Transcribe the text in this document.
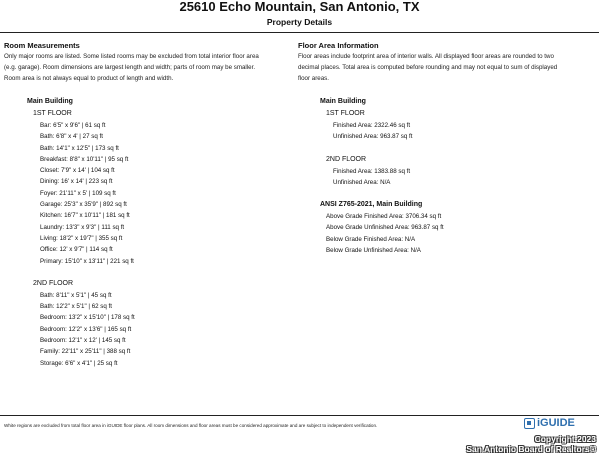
25610 Echo Mountain, San Antonio, TX
Property Details
Room Measurements
Only major rooms are listed. Some listed rooms may be excluded from total interior floor area
(e.g. garage). Room dimensions are largest length and width; parts of room may be smaller.
Room area is not always equal to product of length and width.
Floor Area Information
Floor areas include footprint area of interior walls. All displayed floor areas are rounded to two
decimal places. Total area is computed before rounding and may not equal to sum of displayed
floor areas.
Main Building
1ST FLOOR
Bar: 6'5" x 9'6" | 61 sq ft
Bath: 6'8" x 4' | 27 sq ft
Bath: 14'1" x 12'5" | 173 sq ft
Breakfast: 8'8" x 10'11" | 95 sq ft
Closet: 7'9" x 14' | 104 sq ft
Dining: 16' x 14' | 223 sq ft
Foyer: 21'11" x 5' | 109 sq ft
Garage: 25'3" x 35'9" | 892 sq ft
Kitchen: 16'7" x 10'11" | 181 sq ft
Laundry: 13'3" x 9'3" | 111 sq ft
Living: 18'2" x 19'7" | 355 sq ft
Office: 12' x 9'7" | 114 sq ft
Primary: 15'10" x 13'11" | 221 sq ft
2ND FLOOR
Bath: 8'11" x 5'1" | 45 sq ft
Bath: 12'2" x 5'1" | 62 sq ft
Bedroom: 13'2" x 15'10" | 178 sq ft
Bedroom: 12'2" x 13'6" | 165 sq ft
Bedroom: 12'1" x 12' | 145 sq ft
Family: 22'11" x 25'11" | 388 sq ft
Storage: 6'6" x 4'1" | 25 sq ft
Main Building
1ST FLOOR
Finished Area: 2322.46 sq ft
Unfinished Area: 963.87 sq ft
2ND FLOOR
Finished Area: 1383.88 sq ft
Unfinished Area: N/A
ANSI Z765-2021, Main Building
Above Grade Finished Area: 3706.34 sq ft
Above Grade Unfinished Area: 963.87 sq ft
Below Grade Finished Area: N/A
Below Grade Unfinished Area: N/A
White regions are excluded from total floor area in iGUIDE floor plans. All room dimensions and floor areas must be considered approximate and are subject to independent verification.	iGUIDE
Copyright 2023
San Antonio Board of Realtors®
